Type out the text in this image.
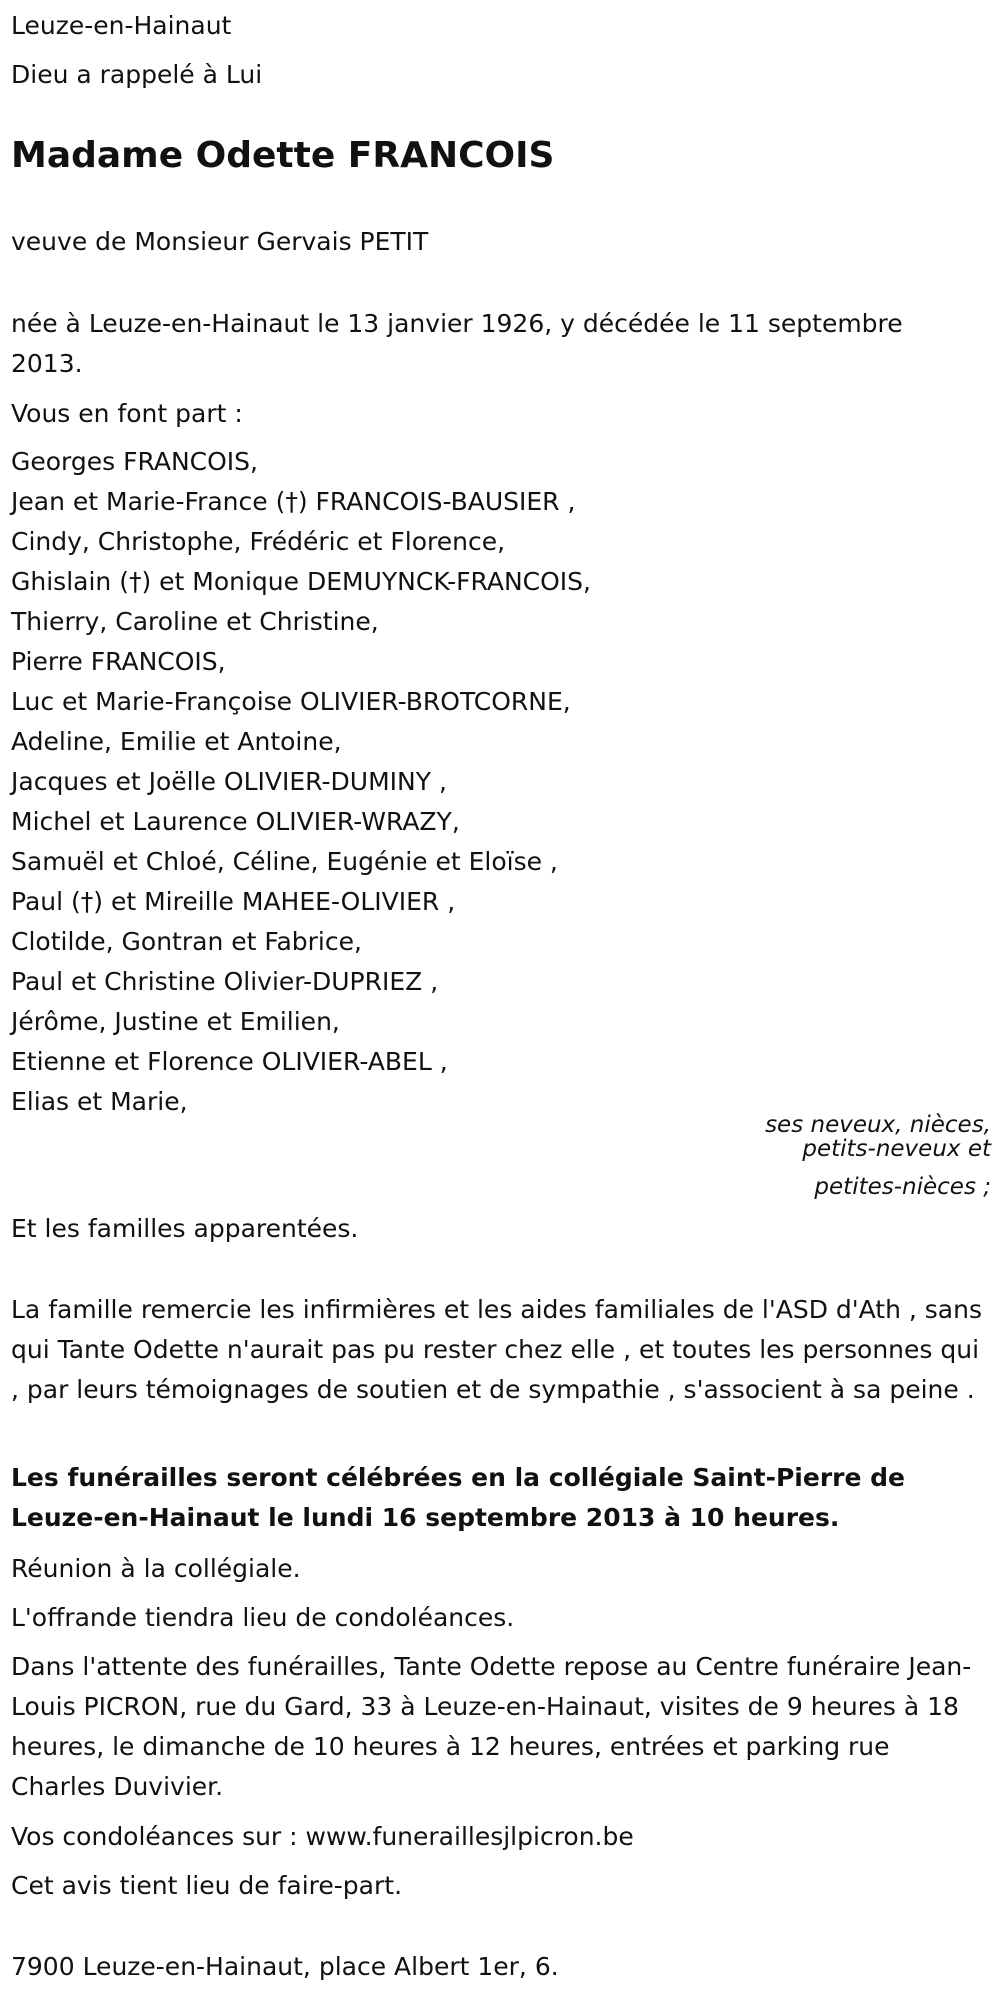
Leuze-en-Hainaut
Dieu a rappelé à Lui
Madame Odette FRANCOIS
veuve de Monsieur Gervais PETIT
née à Leuze-en-Hainaut le 13 janvier 1926, y décédée le 11 septembre 2013.
Vous en font part :
Georges FRANCOIS,
Jean et Marie-France (†) FRANCOIS-BAUSIER ,
Cindy, Christophe, Frédéric et Florence,
Ghislain (†) et Monique DEMUYNCK-FRANCOIS,
Thierry, Caroline et Christine,
Pierre FRANCOIS,
Luc et Marie-Françoise OLIVIER-BROTCORNE,
Adeline, Emilie et Antoine,
Jacques et Joëlle OLIVIER-DUMINY ,
Michel et Laurence OLIVIER-WRAZY,
Samuël et Chloé, Céline, Eugénie et Eloïse ,
Paul (†) et Mireille MAHEE-OLIVIER ,
Clotilde, Gontran et Fabrice,
Paul et Christine Olivier-DUPRIEZ ,
Jérôme, Justine et Emilien,
Etienne et Florence OLIVIER-ABEL ,
Elias et Marie,
ses neveux, nièces,
petits-neveux et
petites-nièces ;
Et les familles apparentées.
La famille remercie les infirmières et les aides familiales de l'ASD d'Ath , sans qui Tante Odette n'aurait pas pu rester chez elle , et toutes les personnes qui , par leurs témoignages de soutien et de sympathie , s'associent à sa peine .
Les funérailles seront célébrées en la collégiale Saint-Pierre de Leuze-en-Hainaut le lundi 16 septembre 2013 à 10 heures.
Réunion à la collégiale.
L'offrande tiendra lieu de condoléances.
Dans l'attente des funérailles, Tante Odette repose au Centre funéraire Jean-Louis PICRON, rue du Gard, 33 à Leuze-en-Hainaut, visites de 9 heures à 18 heures, le dimanche de 10 heures à 12 heures, entrées et parking rue Charles Duvivier.
Vos condoléances sur : www.funeraillesjlpicron.be
Cet avis tient lieu de faire-part.
7900 Leuze-en-Hainaut, place Albert 1er, 6.
